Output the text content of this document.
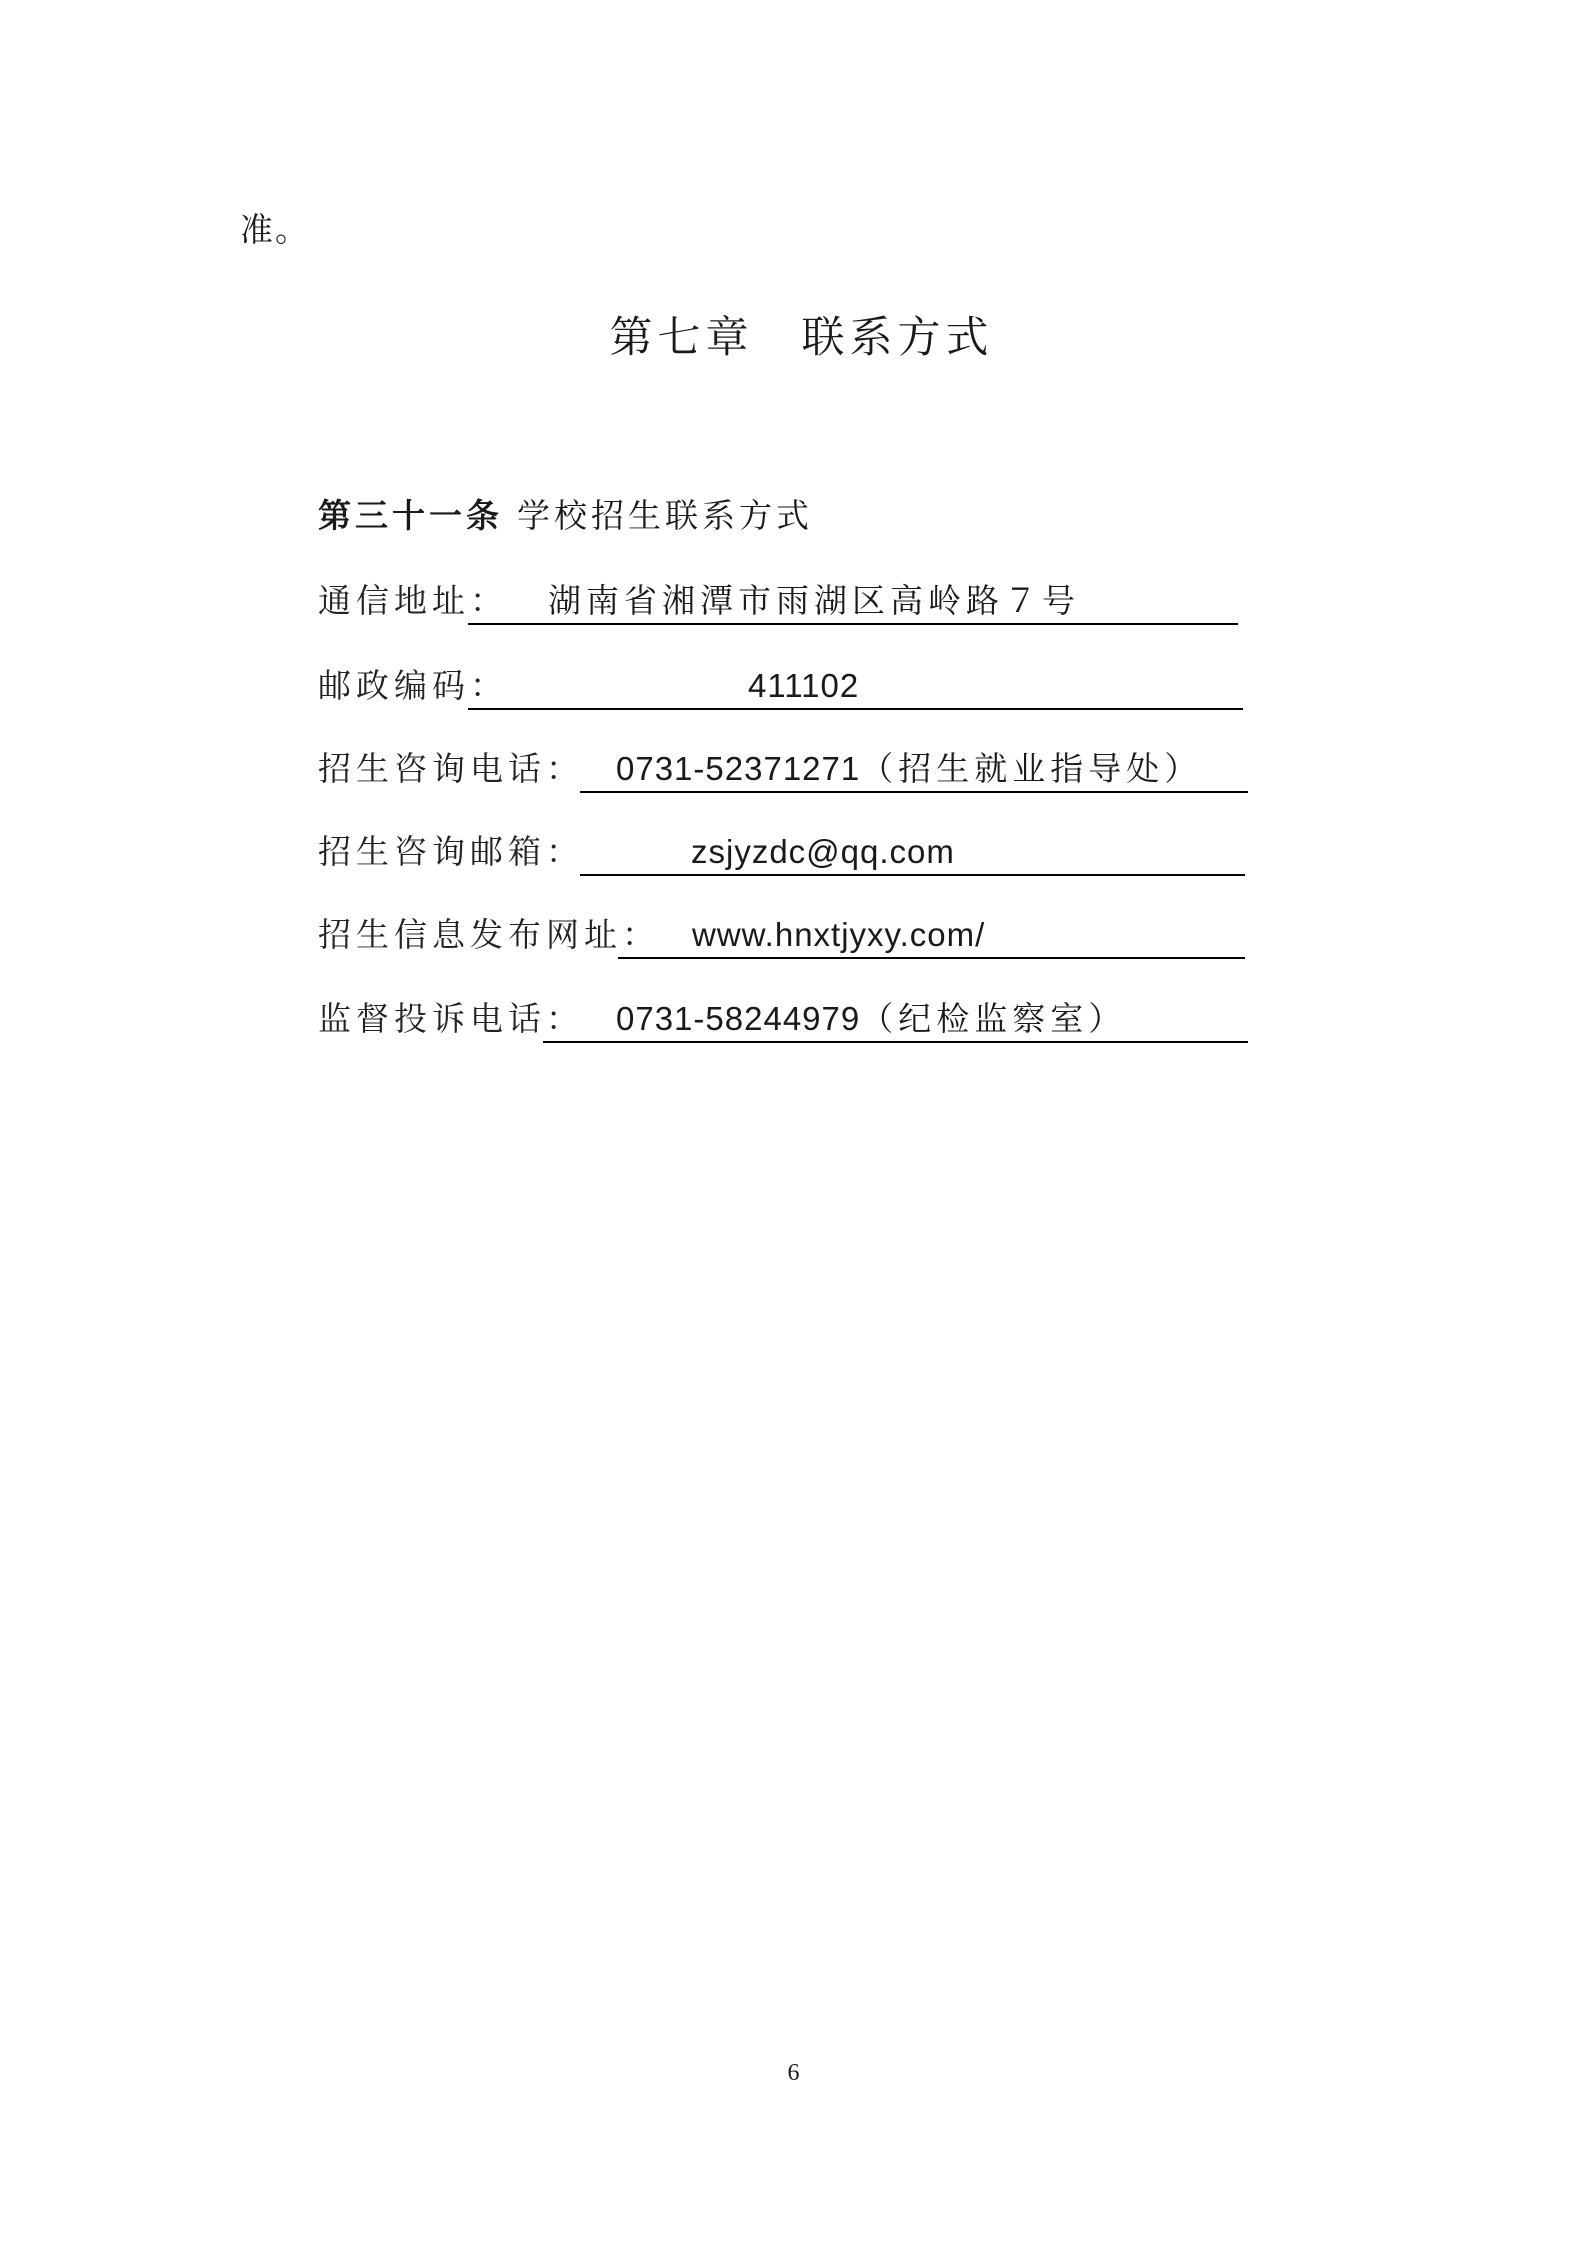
准。
第七章　联系方式
第三十一条 学校招生联系方式
通信地址： 湖南省湘潭市雨湖区高岭路７号
邮政编码：	411102
招生咨询电话： 0731-52371271（招生就业指导处）
招生咨询邮箱：	zsjyzdc@qq.com
招生信息发布网址： www.hnxtjyxy.com/
监督投诉电话： 0731-58244979（纪检监察室）
6
